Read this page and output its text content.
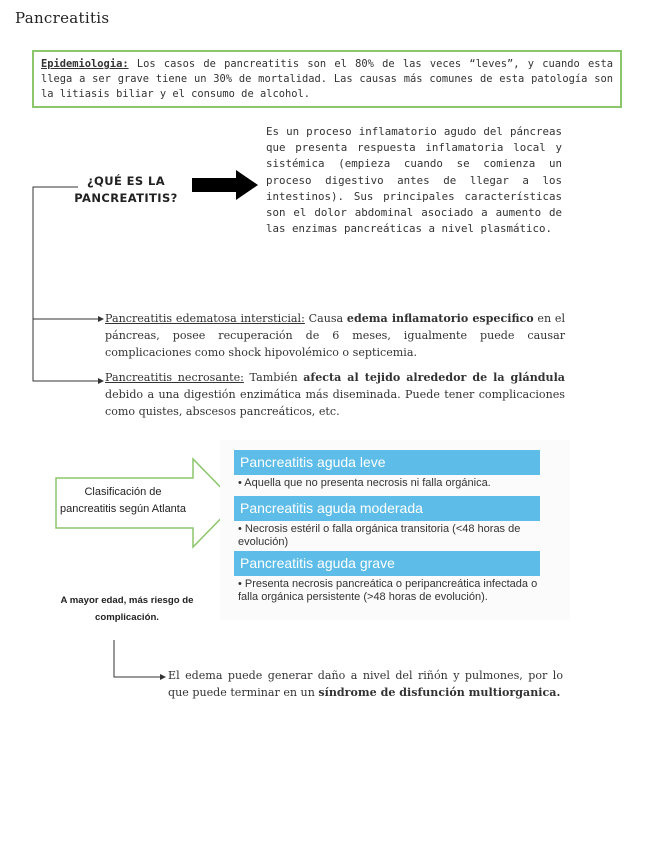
Pancreatitis
Epidemiologia: Los casos de pancreatitis son el 80% de las veces “leves”, y cuando esta llega a ser grave tiene un 30% de mortalidad. Las causas más comunes de esta patología son la litiasis biliar y el consumo de alcohol.
¿QUÉ ES LA
PANCREATITIS?
Es un proceso inflamatorio agudo del páncreas que presenta respuesta inflamatoria local y sistémica (empieza cuando se comienza un proceso digestivo antes de llegar a los intestinos). Sus principales características son el dolor abdominal asociado a aumento de las enzimas pancreáticas a nivel plasmático.
Pancreatitis edematosa intersticial: Causa edema inflamatorio especifico en el páncreas, posee recuperación de 6 meses, igualmente puede causar complicaciones como shock hipovolémico o septicemia.
Pancreatitis necrosante: También afecta al tejido alrededor de la glándula debido a una digestión enzimática más diseminada. Puede tener complicaciones como quistes, abscesos pancreáticos, etc.
Clasificación de
pancreatitis según Atlanta
Pancreatitis aguda leve
• Aquella que no presenta necrosis ni falla orgánica.
Pancreatitis aguda moderada
• Necrosis estéril o falla orgánica transitoria (<48 horas de evolución)
Pancreatitis aguda grave
• Presenta necrosis pancreática o peripancreática infectada o falla orgánica persistente (>48 horas de evolución).
A mayor edad, más riesgo de
complicación.
El edema puede generar daño a nivel del riñón y pulmones, por lo que puede terminar en un síndrome de disfunción multiorganica.
